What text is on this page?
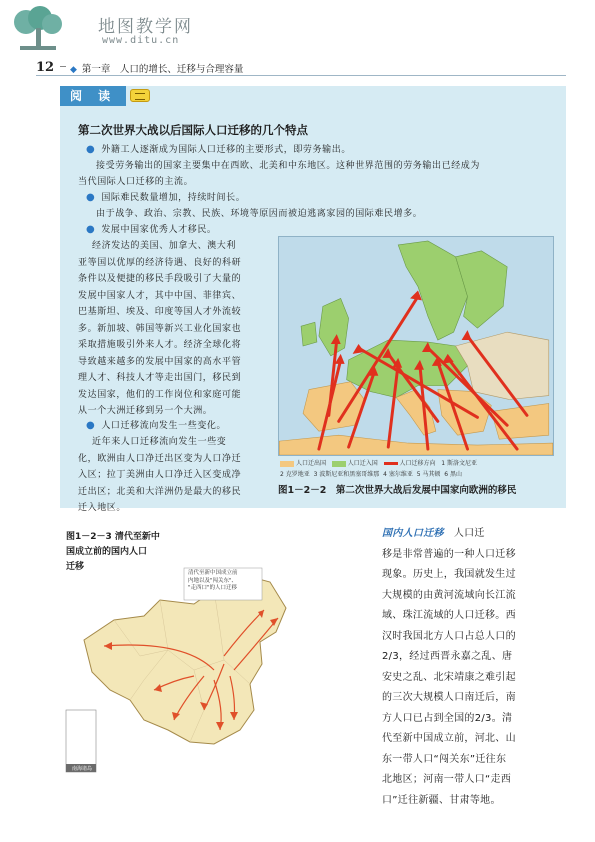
地图教学网
www.ditu.cn
12 ◆ 第一章　人口的增长、迁移与合理容量
阅 读
第二次世界大战以后国际人口迁移的几个特点
● 外籍工人逐渐成为国际人口迁移的主要形式，即劳务输出。
接受劳务输出的国家主要集中在西欧、北美和中东地区。这种世界范围的劳务输出已经成为
当代国际人口迁移的主流。
● 国际难民数量增加，持续时间长。
由于战争、政治、宗教、民族、环境等原因而被迫逃离家园的国际难民增多。
● 发展中国家优秀人才移民。
经济发达的美国、加拿大、澳大利
亚等国以优厚的经济待遇、良好的科研
条件以及便捷的移民手段吸引了大量的
发展中国家人才，其中中国、菲律宾、
巴基斯坦、埃及、印度等国人才外流较
多。新加坡、韩国等新兴工业化国家也
采取措施吸引外来人才。经济全球化将
导致越来越多的发展中国家的高水平管
理人才、科技人才等走出国门，移民到
发达国家，他们的工作岗位和家庭可能
从一个大洲迁移到另一个大洲。
● 人口迁移流向发生一些变化。
近年来人口迁移流向发生一些变
化，欧洲由人口净迁出区变为人口净迁
入区；拉丁美洲由人口净迁入区变成净
迁出区；北美和大洋洲仍是最大的移民
迁入地区。
人口迁出国	人口迁入国	人口迁移方向 1 斯洛文尼亚
2 克罗地亚 3 波斯尼亚和黑塞哥维那 4 塞尔维亚 5 马其顿 6 黑山
图1－2－2　第二次世界大战后发展中国家向欧洲的移民
图1－2－3 清代至新中
国成立前的国内人口
迁移
清代至新中国成立前
内地以及"闯关东"、
"走西口"的人口迁移
南海诸岛
国内人口迁移 人口迁
移是非常普遍的一种人口迁移
现象。历史上，我国就发生过
大规模的由黄河流域向长江流
域、珠江流域的人口迁移。西
汉时我国北方人口占总人口的
2/3，经过西晋永嘉之乱、唐
安史之乱、北宋靖康之难引起
的三次大规模人口南迁后，南
方人口已占到全国的2/3。清
代至新中国成立前，河北、山
东一带人口“闯关东”迁往东
北地区；河南一带人口“走西
口”迁往新疆、甘肃等地。
